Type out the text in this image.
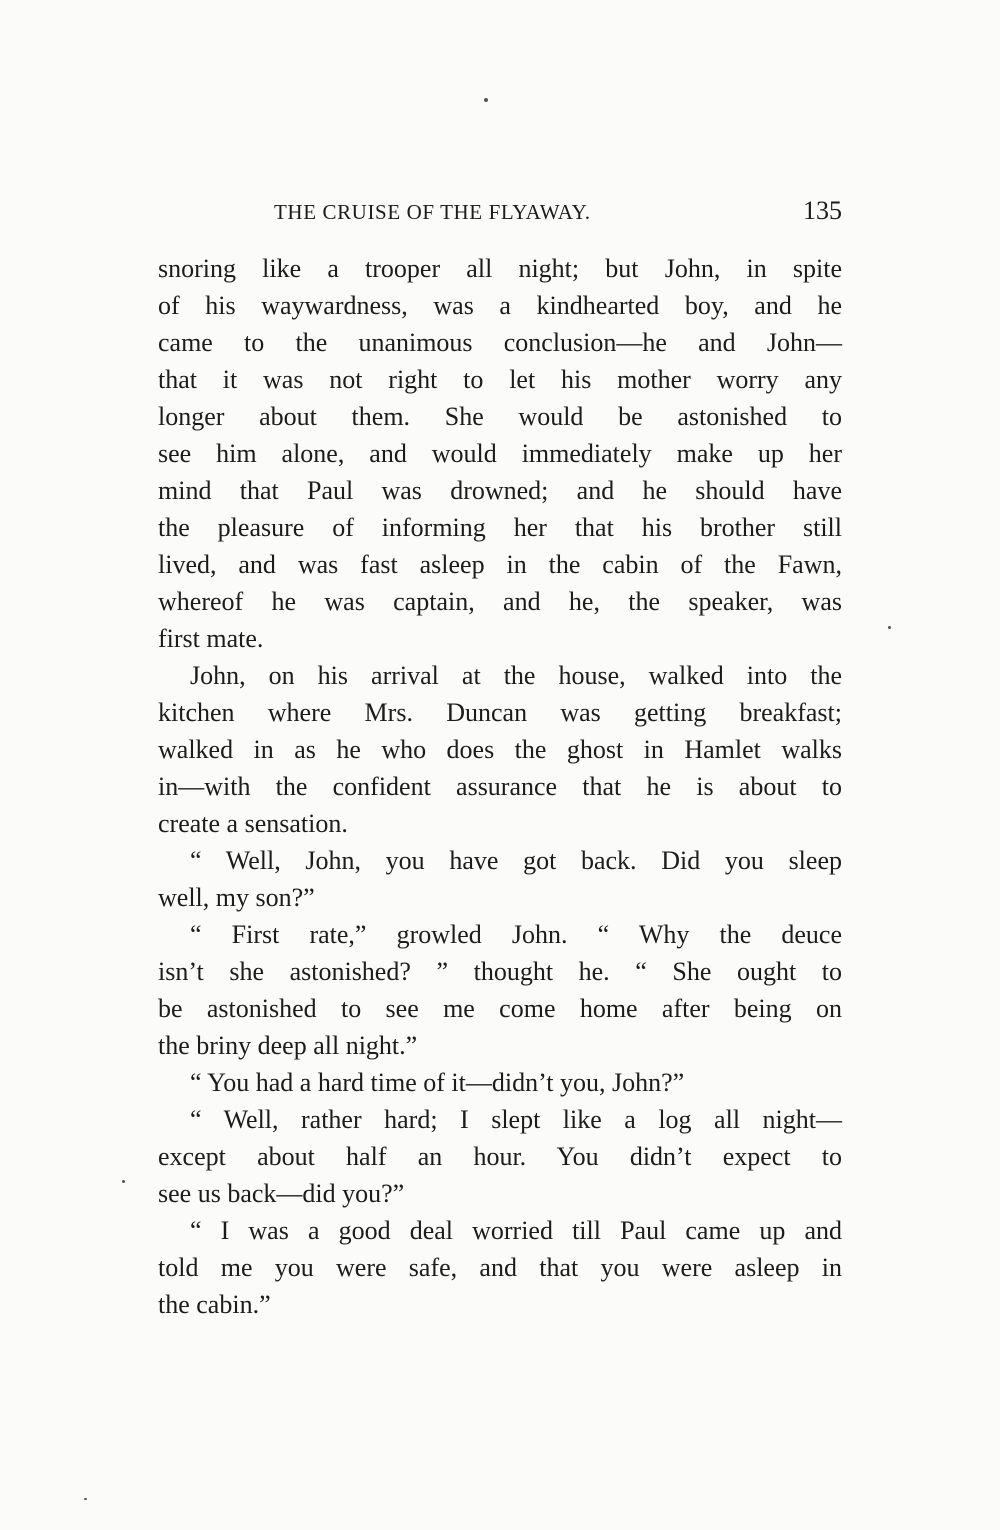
THE CRUISE OF THE FLYAWAY.	135
snoring like a trooper all night; but John, in spite
of his waywardness, was a kindhearted boy, and he
came to the unanimous conclusion—he and John—
that it was not right to let his mother worry any
longer about them. She would be astonished to
see him alone, and would immediately make up her
mind that Paul was drowned; and he should have
the pleasure of informing her that his brother still
lived, and was fast asleep in the cabin of the Fawn,
whereof he was captain, and he, the speaker, was
first mate.
John, on his arrival at the house, walked into the
kitchen where Mrs. Duncan was getting breakfast;
walked in as he who does the ghost in Hamlet walks
in—with the confident assurance that he is about to
create a sensation.
“ Well, John, you have got back. Did you sleep
well, my son?”
“ First rate,” growled John. “ Why the deuce
isn’t she astonished? ” thought he. “ She ought to
be astonished to see me come home after being on
the briny deep all night.”
“ You had a hard time of it—didn’t you, John?”
“ Well, rather hard; I slept like a log all night—
except about half an hour. You didn’t expect to
see us back—did you?”
“ I was a good deal worried till Paul came up and
told me you were safe, and that you were asleep in
the cabin.”
